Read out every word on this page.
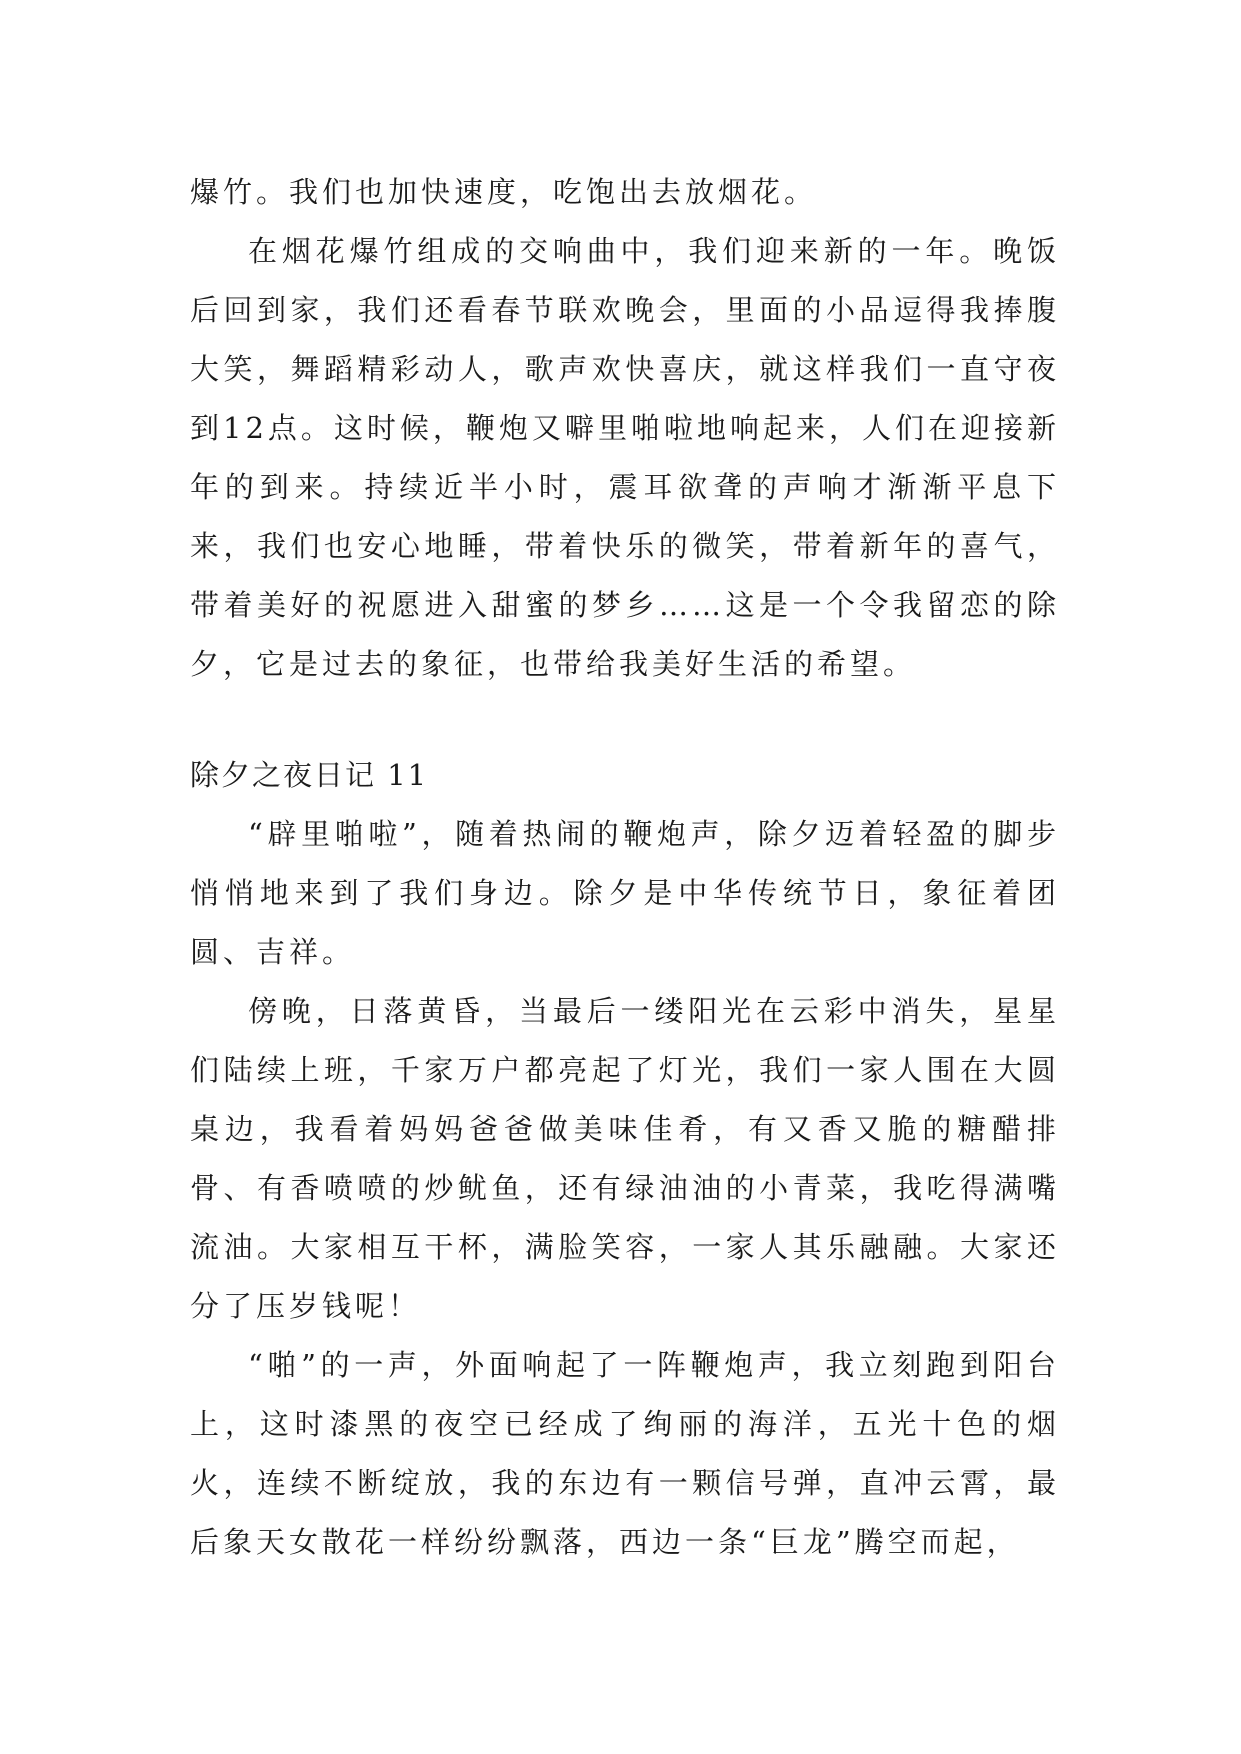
爆竹。我们也加快速度，吃饱出去放烟花。

在烟花爆竹组成的交响曲中，我们迎来新的一年。晚饭后回到家，我们还看春节联欢晚会，里面的小品逗得我捧腹大笑，舞蹈精彩动人，歌声欢快喜庆，就这样我们一直守夜到12点。这时候，鞭炮又噼里啪啦地响起来，人们在迎接新年的到来。持续近半小时，震耳欲聋的声响才渐渐平息下来，我们也安心地睡，带着快乐的微笑，带着新年的喜气，带着美好的祝愿进入甜蜜的梦乡……这是一个令我留恋的除夕，它是过去的象征，也带给我美好生活的希望。

除夕之夜日记 11

“辟里啪啦”，随着热闹的鞭炮声，除夕迈着轻盈的脚步悄悄地来到了我们身边。除夕是中华传统节日，象征着团圆、吉祥。

傍晚，日落黄昏，当最后一缕阳光在云彩中消失，星星们陆续上班，千家万户都亮起了灯光，我们一家人围在大圆桌边，我看着妈妈爸爸做美味佳肴，有又香又脆的糖醋排骨、有香喷喷的炒鱿鱼，还有绿油油的小青菜，我吃得满嘴流油。大家相互干杯，满脸笑容，一家人其乐融融。大家还分了压岁钱呢！

“啪”的一声，外面响起了一阵鞭炮声，我立刻跑到阳台上，这时漆黑的夜空已经成了绚丽的海洋，五光十色的烟火，连续不断绽放，我的东边有一颗信号弹，直冲云霄，最后象天女散花一样纷纷飘落，西边一条“巨龙”腾空而起，
